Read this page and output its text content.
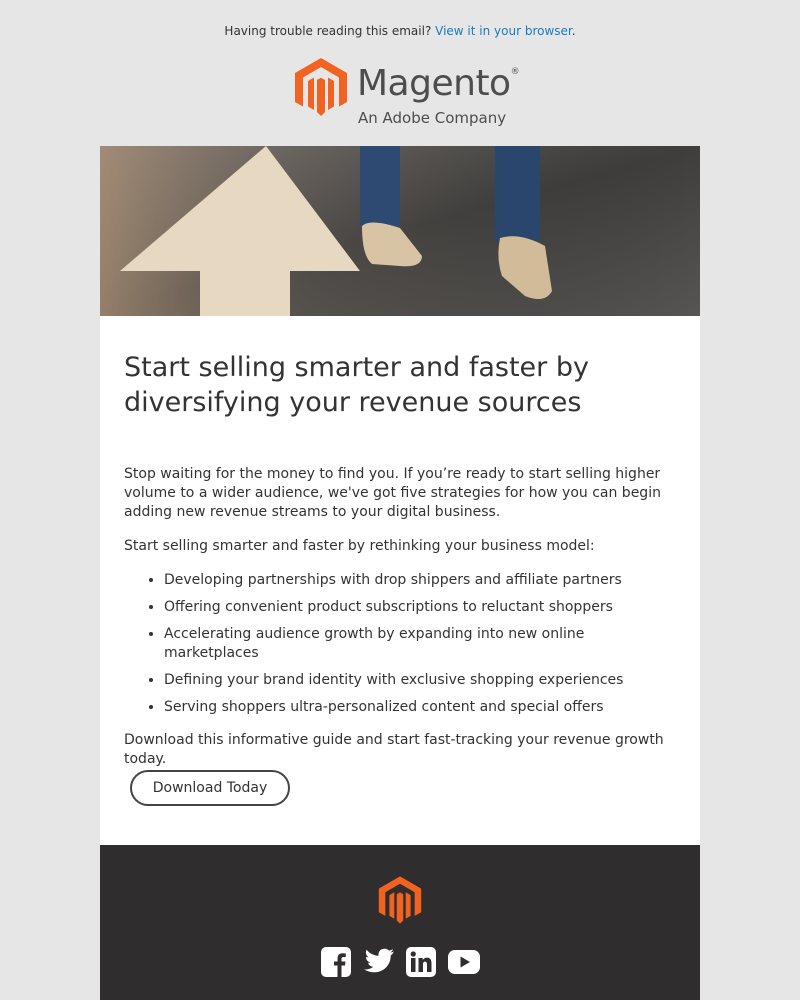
Having trouble reading this email? View it in your browser.
Magento®
An Adobe Company
Start selling smarter and faster by diversifying your revenue sources

Stop waiting for the money to find you. If you’re ready to start selling higher volume to a wider audience, we've got five strategies for how you can begin adding new revenue streams to your digital business.

Start selling smarter and faster by rethinking your business model:

• Developing partnerships with drop shippers and affiliate partners
• Offering convenient product subscriptions to reluctant shoppers
• Accelerating audience growth by expanding into new online marketplaces
• Defining your brand identity with exclusive shopping experiences
• Serving shoppers ultra-personalized content and special offers

Download this informative guide and start fast-tracking your revenue growth today.

Download Today
